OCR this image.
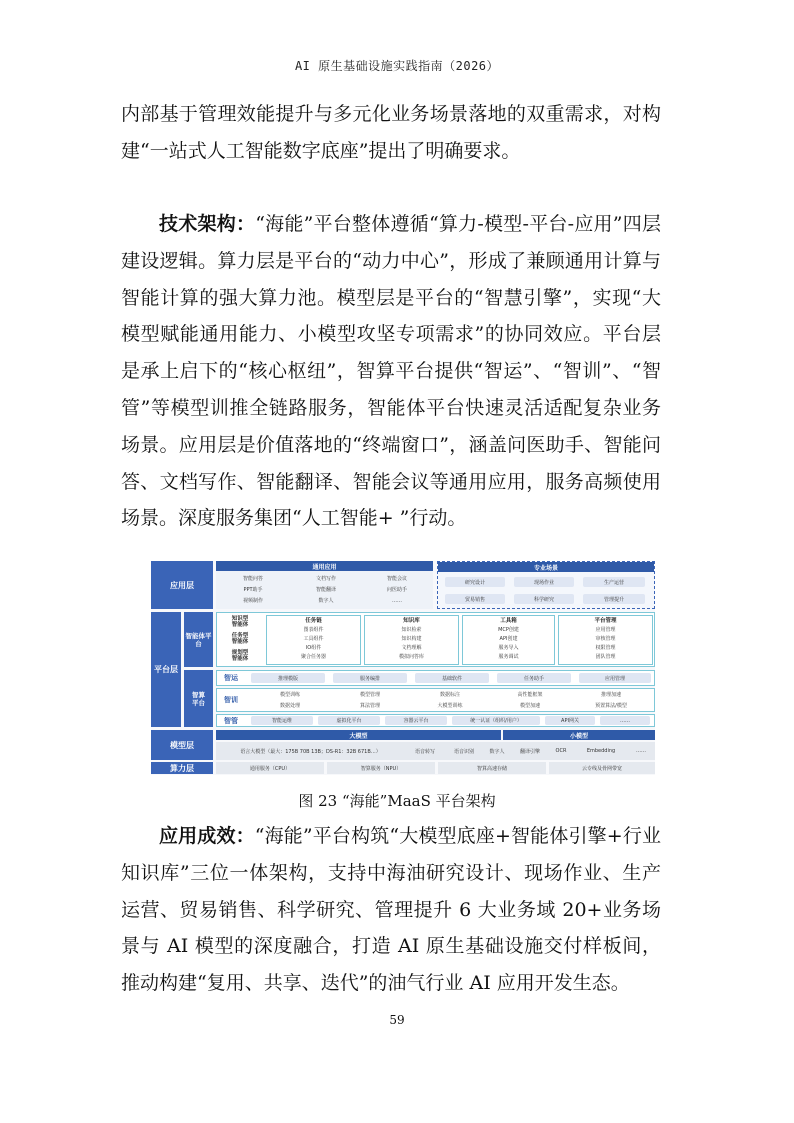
AI 原生基础设施实践指南（2026）

内部基于管理效能提升与多元化业务场景落地的双重需求，对构建“一站式人工智能数字底座”提出了明确要求。

技术架构：“海能”平台整体遵循“算力-模型-平台-应用”四层建设逻辑。算力层是平台的“动力中心”，形成了兼顾通用计算与智能计算的强大算力池。模型层是平台的“智慧引擎”，实现“大模型赋能通用能力、小模型攻坚专项需求”的协同效应。平台层是承上启下的“核心枢纽”，智算平台提供“智运”、“智训”、“智管”等模型训推全链路服务，智能体平台快速灵活适配复杂业务场景。应用层是价值落地的“终端窗口”，涵盖问医助手、智能问答、文档写作、智能翻译、智能会议等通用应用，服务高频使用场景。深度服务集团“人工智能+ ”行动。

应用层
平台层
模型层
算力层
通用应用
智能问答	文档写作	智能会议
PPT助手	智能翻译	问医助手
视频制作	数字人	……
专业场景
研究设计	现场作业	生产运营
贸易销售	科学研究	管理提升
智能体平台
知识型
智能体
任务型
智能体
规划型
智能体
任务链
图表组件
工具组件
IO组件
聚合任务器
知识库
知识检索
知识构建
文档理解
模拟问答库
工具箱
MCP创建
API创建
服务导入
服务调试
平台管理
应用管理
审核管理
权限管理
团队管理
智算
平台
智运	推理模版	服务编排	基础软件	任务助手	应用管理
智训
模型训练	模型管理	数据标注	高性能框架	推理加速
数据处理	算法管理	大模型训练	模型加速	预置算法/模型
智管	智能运维	虚拟化平台	容器云平台	统一认证（组织/用户）	API网关	……
大模型	小模型
语言大模型（最大：175B 70B 13B；DS-R1：32B 671B…）	语音转写	语音识别	数字人	翻译引擎	OCR	Embedding	……
通用服务（CPU）	智算服务（NPU）	智算高速存储	云专线及骨网带宽
图 23 “海能”MaaS 平台架构

应用成效：“海能”平台构筑“大模型底座+智能体引擎+行业知识库”三位一体架构，支持中海油研究设计、现场作业、生产运营、贸易销售、科学研究、管理提升 6 大业务域 20+业务场景与 AI 模型的深度融合，打造 AI 原生基础设施交付样板间，推动构建“复用、共享、迭代”的油气行业 AI 应用开发生态。

59
